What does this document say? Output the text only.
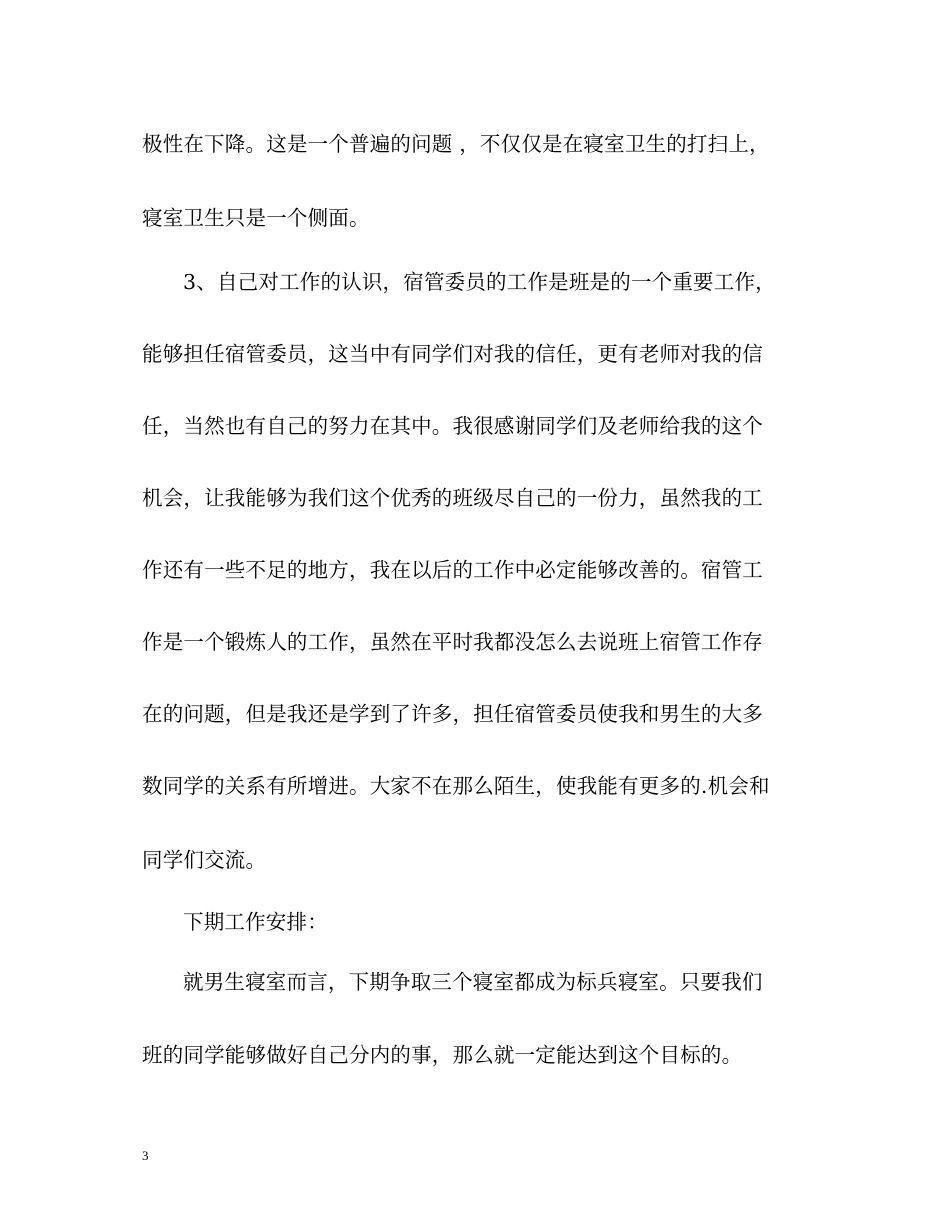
极性在下降。这是一个普遍的问题 ，不仅仅是在寝室卫生的打扫上，
寝室卫生只是一个侧面。
3、自己对工作的认识，宿管委员的工作是班是的一个重要工作，
能够担任宿管委员，这当中有同学们对我的信任，更有老师对我的信
任，当然也有自己的努力在其中。我很感谢同学们及老师给我的这个
机会，让我能够为我们这个优秀的班级尽自己的一份力，虽然我的工
作还有一些不足的地方，我在以后的工作中必定能够改善的。宿管工
作是一个锻炼人的工作，虽然在平时我都没怎么去说班上宿管工作存
在的问题，但是我还是学到了许多，担任宿管委员使我和男生的大多
数同学的关系有所增进。大家不在那么陌生，使我能有更多的.机会和
同学们交流。
下期工作安排：
就男生寝室而言，下期争取三个寝室都成为标兵寝室。只要我们
班的同学能够做好自己分内的事，那么就一定能达到这个目标的。
3
